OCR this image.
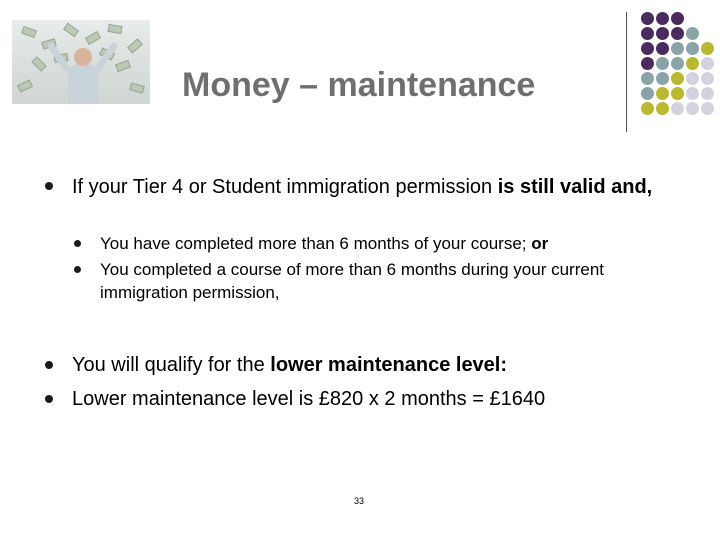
Money – maintenance
If your Tier 4 or Student immigration permission is still valid and,
You have completed more than 6 months of your course; or
You completed a course of more than 6 months during your current immigration permission,
You will qualify for the lower maintenance level:
Lower maintenance level is £820 x 2 months = £1640
33
